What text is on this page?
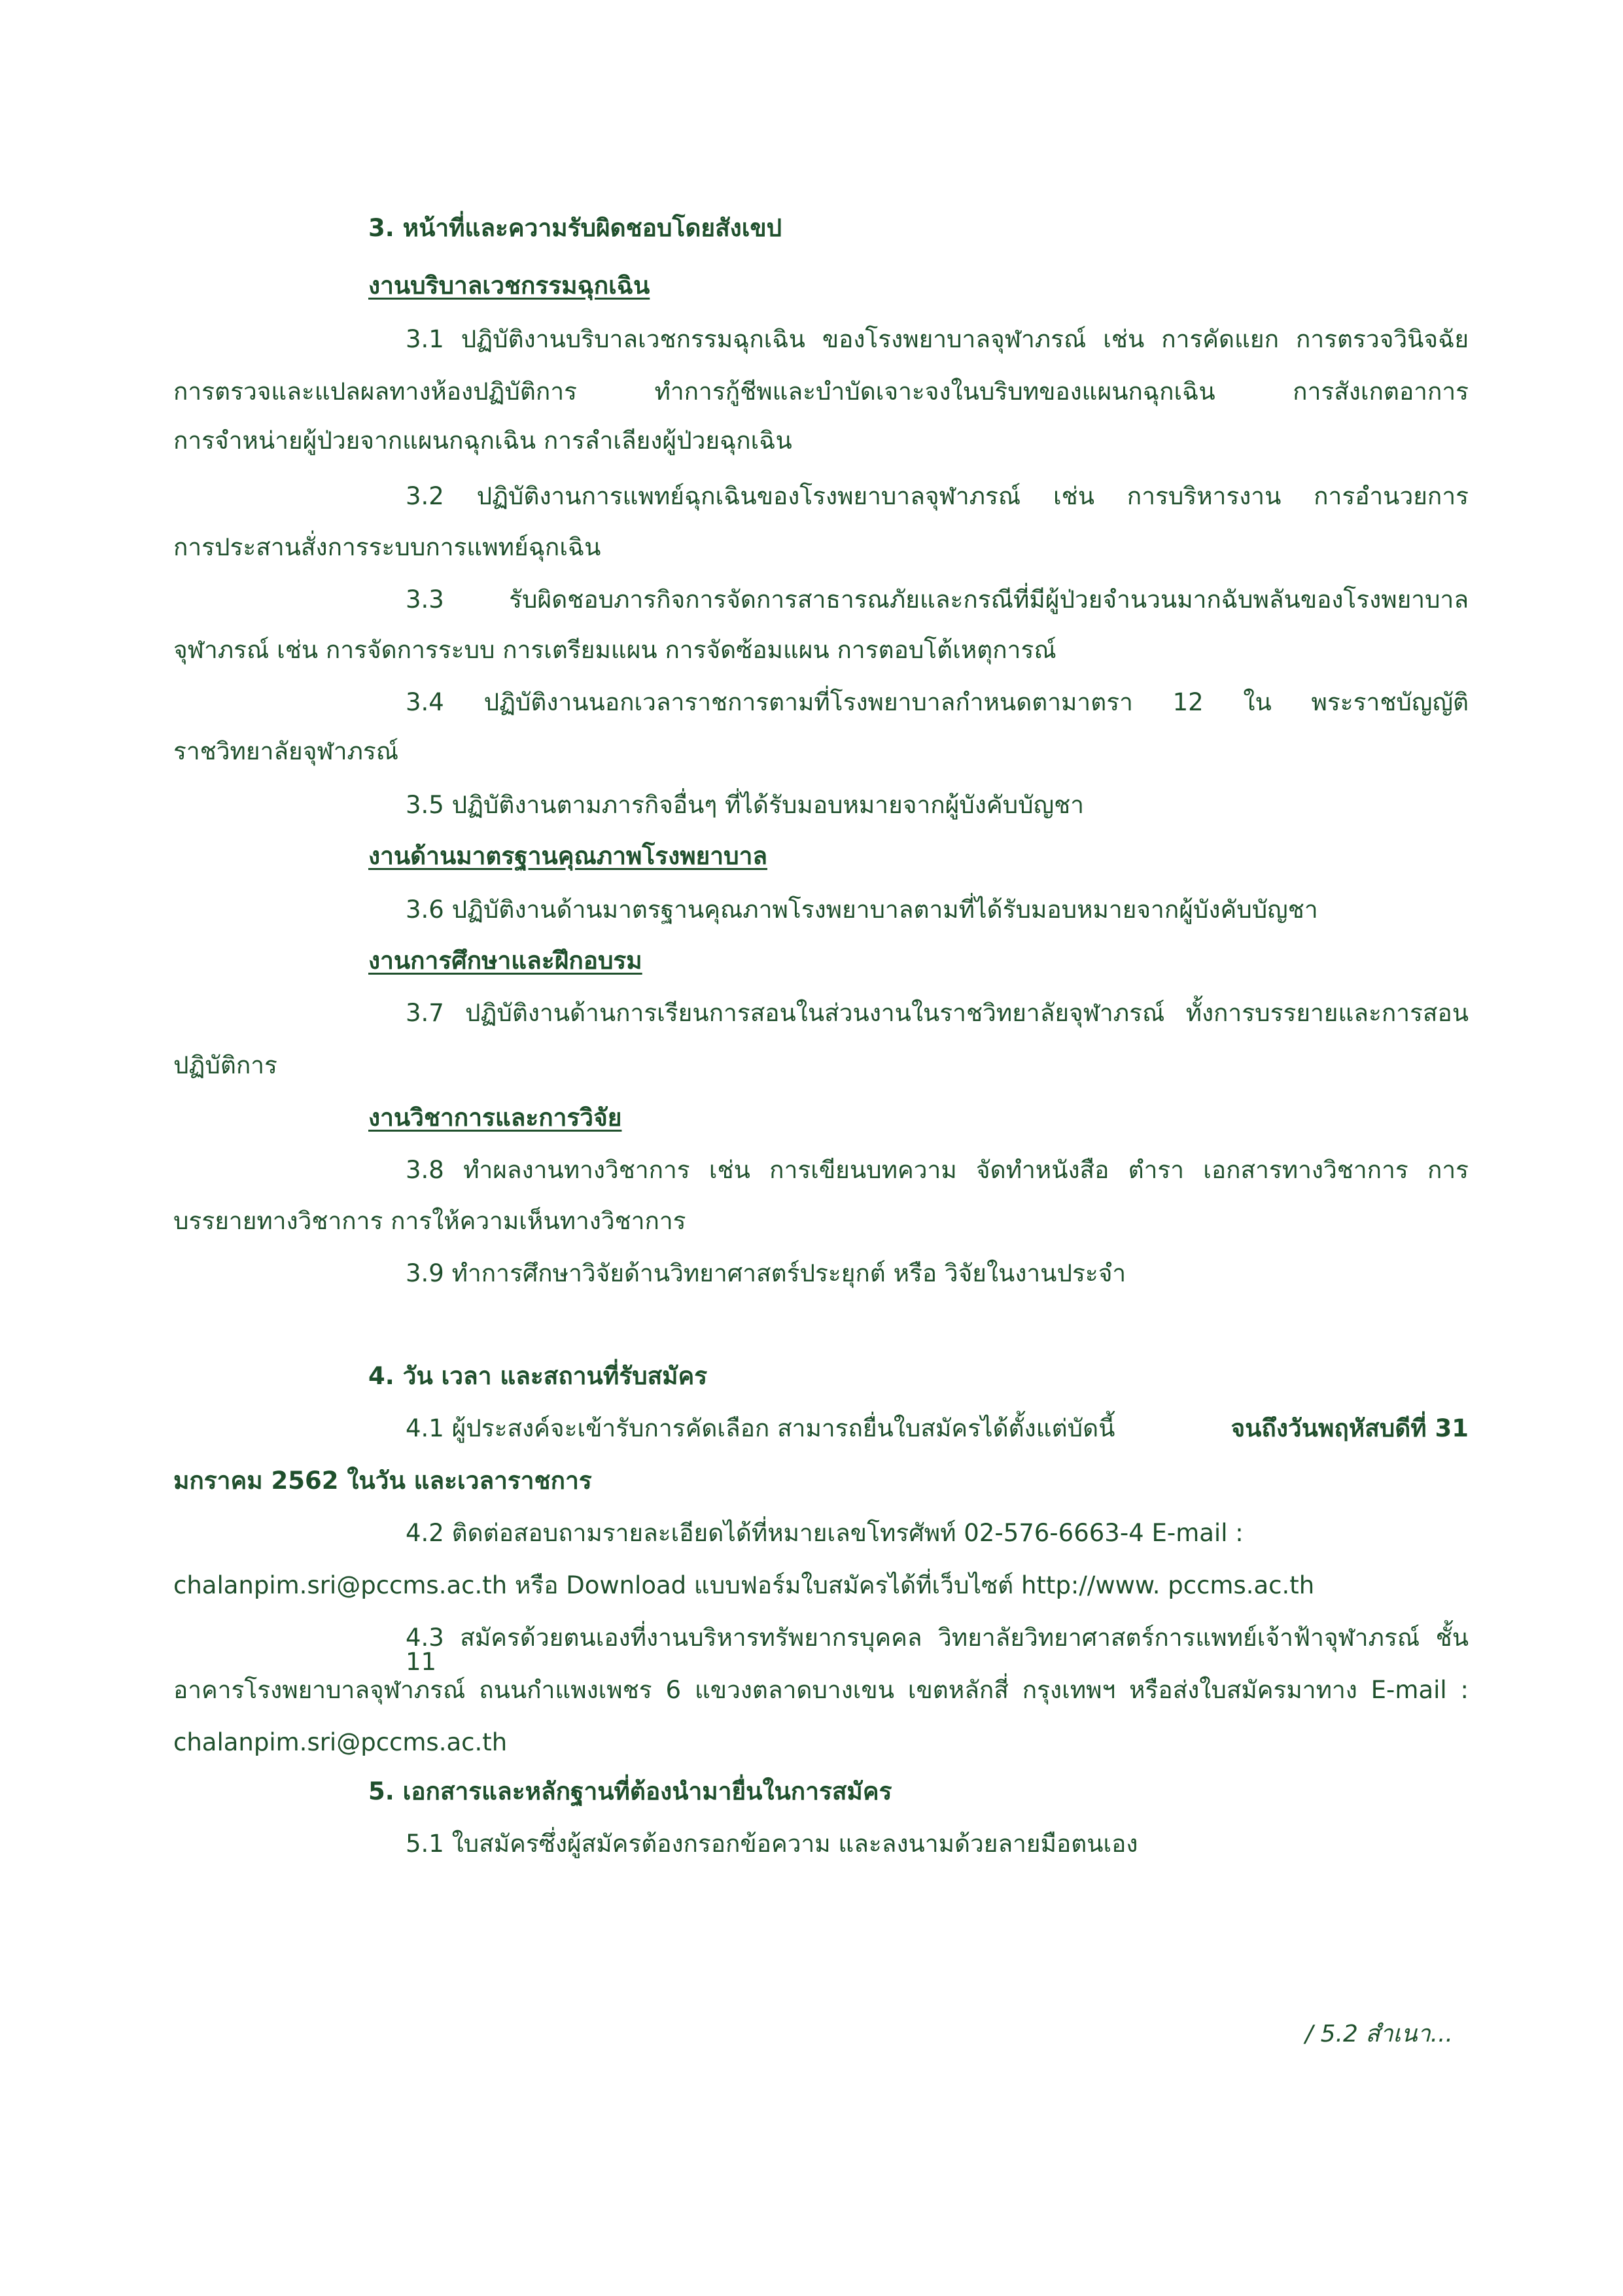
3. หน้าที่และความรับผิดชอบโดยสังเขป
งานบริบาลเวชกรรมฉุกเฉิน
3.1 ปฏิบัติงานบริบาลเวชกรรมฉุกเฉิน ของโรงพยาบาลจุฬาภรณ์ เช่น การคัดแยก การตรวจวินิจฉัย
การตรวจและแปลผลทางห้องปฏิบัติการ ทำการกู้ชีพและบำบัดเจาะจงในบริบทของแผนกฉุกเฉิน การสังเกตอาการ
การจำหน่ายผู้ป่วยจากแผนกฉุกเฉิน การลำเลียงผู้ป่วยฉุกเฉิน
3.2 ปฏิบัติงานการแพทย์ฉุกเฉินของโรงพยาบาลจุฬาภรณ์ เช่น การบริหารงาน การอำนวยการ
การประสานสั่งการระบบการแพทย์ฉุกเฉิน
3.3 รับผิดชอบภารกิจการจัดการสาธารณภัยและกรณีที่มีผู้ป่วยจำนวนมากฉับพลันของโรงพยาบาล
จุฬาภรณ์ เช่น การจัดการระบบ การเตรียมแผน การจัดซ้อมแผน การตอบโต้เหตุการณ์
3.4 ปฏิบัติงานนอกเวลาราชการตามที่โรงพยาบาลกำหนดตามาตรา 12 ใน พระราชบัญญัติ
ราชวิทยาลัยจุฬาภรณ์
3.5 ปฏิบัติงานตามภารกิจอื่นๆ ที่ได้รับมอบหมายจากผู้บังคับบัญชา
งานด้านมาตรฐานคุณภาพโรงพยาบาล
3.6 ปฏิบัติงานด้านมาตรฐานคุณภาพโรงพยาบาลตามที่ได้รับมอบหมายจากผู้บังคับบัญชา
งานการศึกษาและฝึกอบรม
3.7 ปฏิบัติงานด้านการเรียนการสอนในส่วนงานในราชวิทยาลัยจุฬาภรณ์ ทั้งการบรรยายและการสอน
ปฏิบัติการ
งานวิชาการและการวิจัย
3.8 ทำผลงานทางวิชาการ เช่น การเขียนบทความ จัดทำหนังสือ ตำรา เอกสารทางวิชาการ การ
บรรยายทางวิชาการ การให้ความเห็นทางวิชาการ
3.9 ทำการศึกษาวิจัยด้านวิทยาศาสตร์ประยุกต์ หรือ วิจัยในงานประจำ
4. วัน เวลา และสถานที่รับสมัคร
4.1 ผู้ประสงค์จะเข้ารับการคัดเลือก สามารถยื่นใบสมัครได้ตั้งแต่บัดนี้	จนถึงวันพฤหัสบดีที่ 31
มกราคม 2562 ในวัน และเวลาราชการ
4.2 ติดต่อสอบถามรายละเอียดได้ที่หมายเลขโทรศัพท์ 02-576-6663-4 E-mail :
chalanpim.sri@pccms.ac.th หรือ Download แบบฟอร์มใบสมัครได้ที่เว็บไซต์ http://www. pccms.ac.th
4.3 สมัครด้วยตนเองที่งานบริหารทรัพยากรบุคคล วิทยาลัยวิทยาศาสตร์การแพทย์เจ้าฟ้าจุฬาภรณ์ ชั้น 11
อาคารโรงพยาบาลจุฬาภรณ์ ถนนกำแพงเพชร 6 แขวงตลาดบางเขน เขตหลักสี่ กรุงเทพฯ หรือส่งใบสมัครมาทาง E-mail :
chalanpim.sri@pccms.ac.th
5. เอกสารและหลักฐานที่ต้องนำมายื่นในการสมัคร
5.1 ใบสมัครซึ่งผู้สมัครต้องกรอกข้อความ และลงนามด้วยลายมือตนเอง
/ 5.2 สำเนา...
